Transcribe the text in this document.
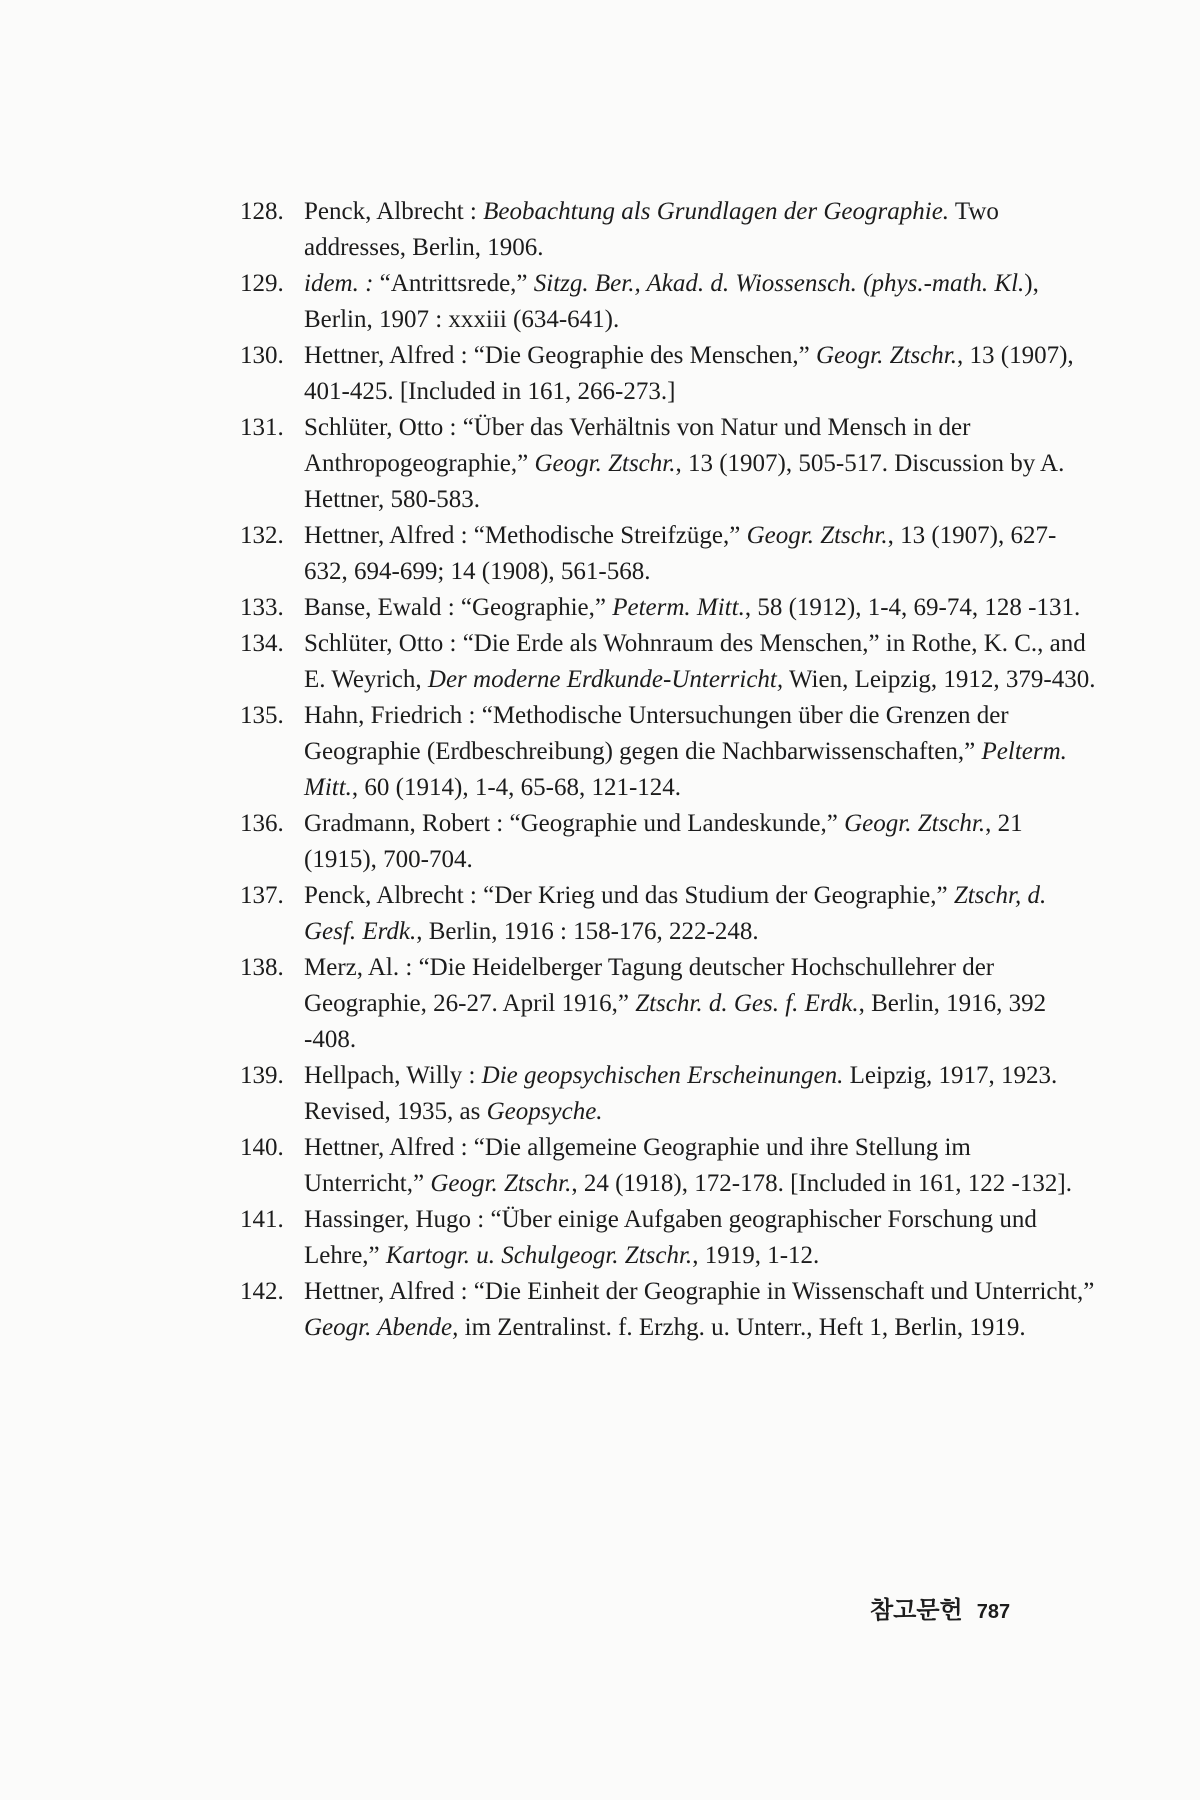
128. Penck, Albrecht : Beobachtung als Grundlagen der Geographie. Two addresses, Berlin, 1906.
129. idem. : “Antrittsrede,” Sitzg. Ber., Akad. d. Wiossensch. (phys.-math. Kl.), Berlin, 1907 : xxxiii (634-641).
130. Hettner, Alfred : “Die Geographie des Menschen,” Geogr. Ztschr., 13 (1907), 401-425. [Included in 161, 266-273.]
131. Schlüter, Otto : “Über das Verhältnis von Natur und Mensch in der Anthropogeographie,” Geogr. Ztschr., 13 (1907), 505-517. Discussion by A. Hettner, 580-583.
132. Hettner, Alfred : “Methodische Streifzüge,” Geogr. Ztschr., 13 (1907), 627-632, 694-699; 14 (1908), 561-568.
133. Banse, Ewald : “Geographie,” Peterm. Mitt., 58 (1912), 1-4, 69-74, 128 -131.
134. Schlüter, Otto : “Die Erde als Wohnraum des Menschen,” in Rothe, K. C., and E. Weyrich, Der moderne Erdkunde-Unterricht, Wien, Leipzig, 1912, 379-430.
135. Hahn, Friedrich : “Methodische Untersuchungen über die Grenzen der Geographie (Erdbeschreibung) gegen die Nachbarwissenschaften,” Pelterm. Mitt., 60 (1914), 1-4, 65-68, 121-124.
136. Gradmann, Robert : “Geographie und Landeskunde,” Geogr. Ztschr., 21 (1915), 700-704.
137. Penck, Albrecht : “Der Krieg und das Studium der Geographie,” Ztschr, d. Gesf. Erdk., Berlin, 1916 : 158-176, 222-248.
138. Merz, Al. : “Die Heidelberger Tagung deutscher Hochschullehrer der Geographie, 26-27. April 1916,” Ztschr. d. Ges. f. Erdk., Berlin, 1916, 392 -408.
139. Hellpach, Willy : Die geopsychischen Erscheinungen. Leipzig, 1917, 1923. Revised, 1935, as Geopsyche.
140. Hettner, Alfred : “Die allgemeine Geographie und ihre Stellung im Unterricht,” Geogr. Ztschr., 24 (1918), 172-178. [Included in 161, 122 -132].
141. Hassinger, Hugo : “Über einige Aufgaben geographischer Forschung und Lehre,” Kartogr. u. Schulgeogr. Ztschr., 1919, 1-12.
142. Hettner, Alfred : “Die Einheit der Geographie in Wissenschaft und Unterricht,” Geogr. Abende, im Zentralinst. f. Erzhg. u. Unterr., Heft 1, Berlin, 1919.
참고문헌 787
